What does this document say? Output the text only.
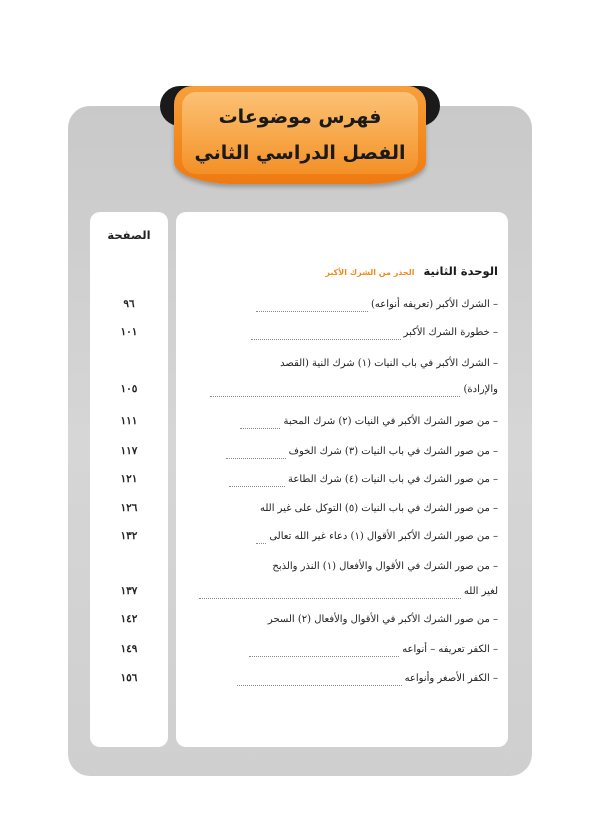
فهرس موضوعات
الفصل الدراسي الثاني
الصفحة
٩٦
١٠١
١٠٥
١١١
١١٧
١٢١
١٢٦
١٣٢
١٣٧
١٤٢
١٤٩
١٥٦
الوحدة الثانية الحذر من الشرك الأكبر
– الشرك الأكبر (تعريفه أنواعه)
– خطورة الشرك الأكبر
– الشرك الأكبر في باب النيات (١) شرك النية (القصد
والإرادة)
– من صور الشرك الأكبر في النيات (٢) شرك المحبة
– من صور الشرك في باب النيات (٣) شرك الخوف
– من صور الشرك في باب النيات (٤) شرك الطاعة
– من صور الشرك في باب النيات (٥) التوكل على غير الله
– من صور الشرك الأكبر الأقوال (١) دعاء غير الله تعالى
– من صور الشرك في الأقوال والأفعال (١) النذر والذبح
لغير الله
– من صور الشرك الأكبر في الأقوال والأفعال (٢) السحر
– الكفر تعريفه – أنواعه
– الكفر الأصغر وأنواعه
